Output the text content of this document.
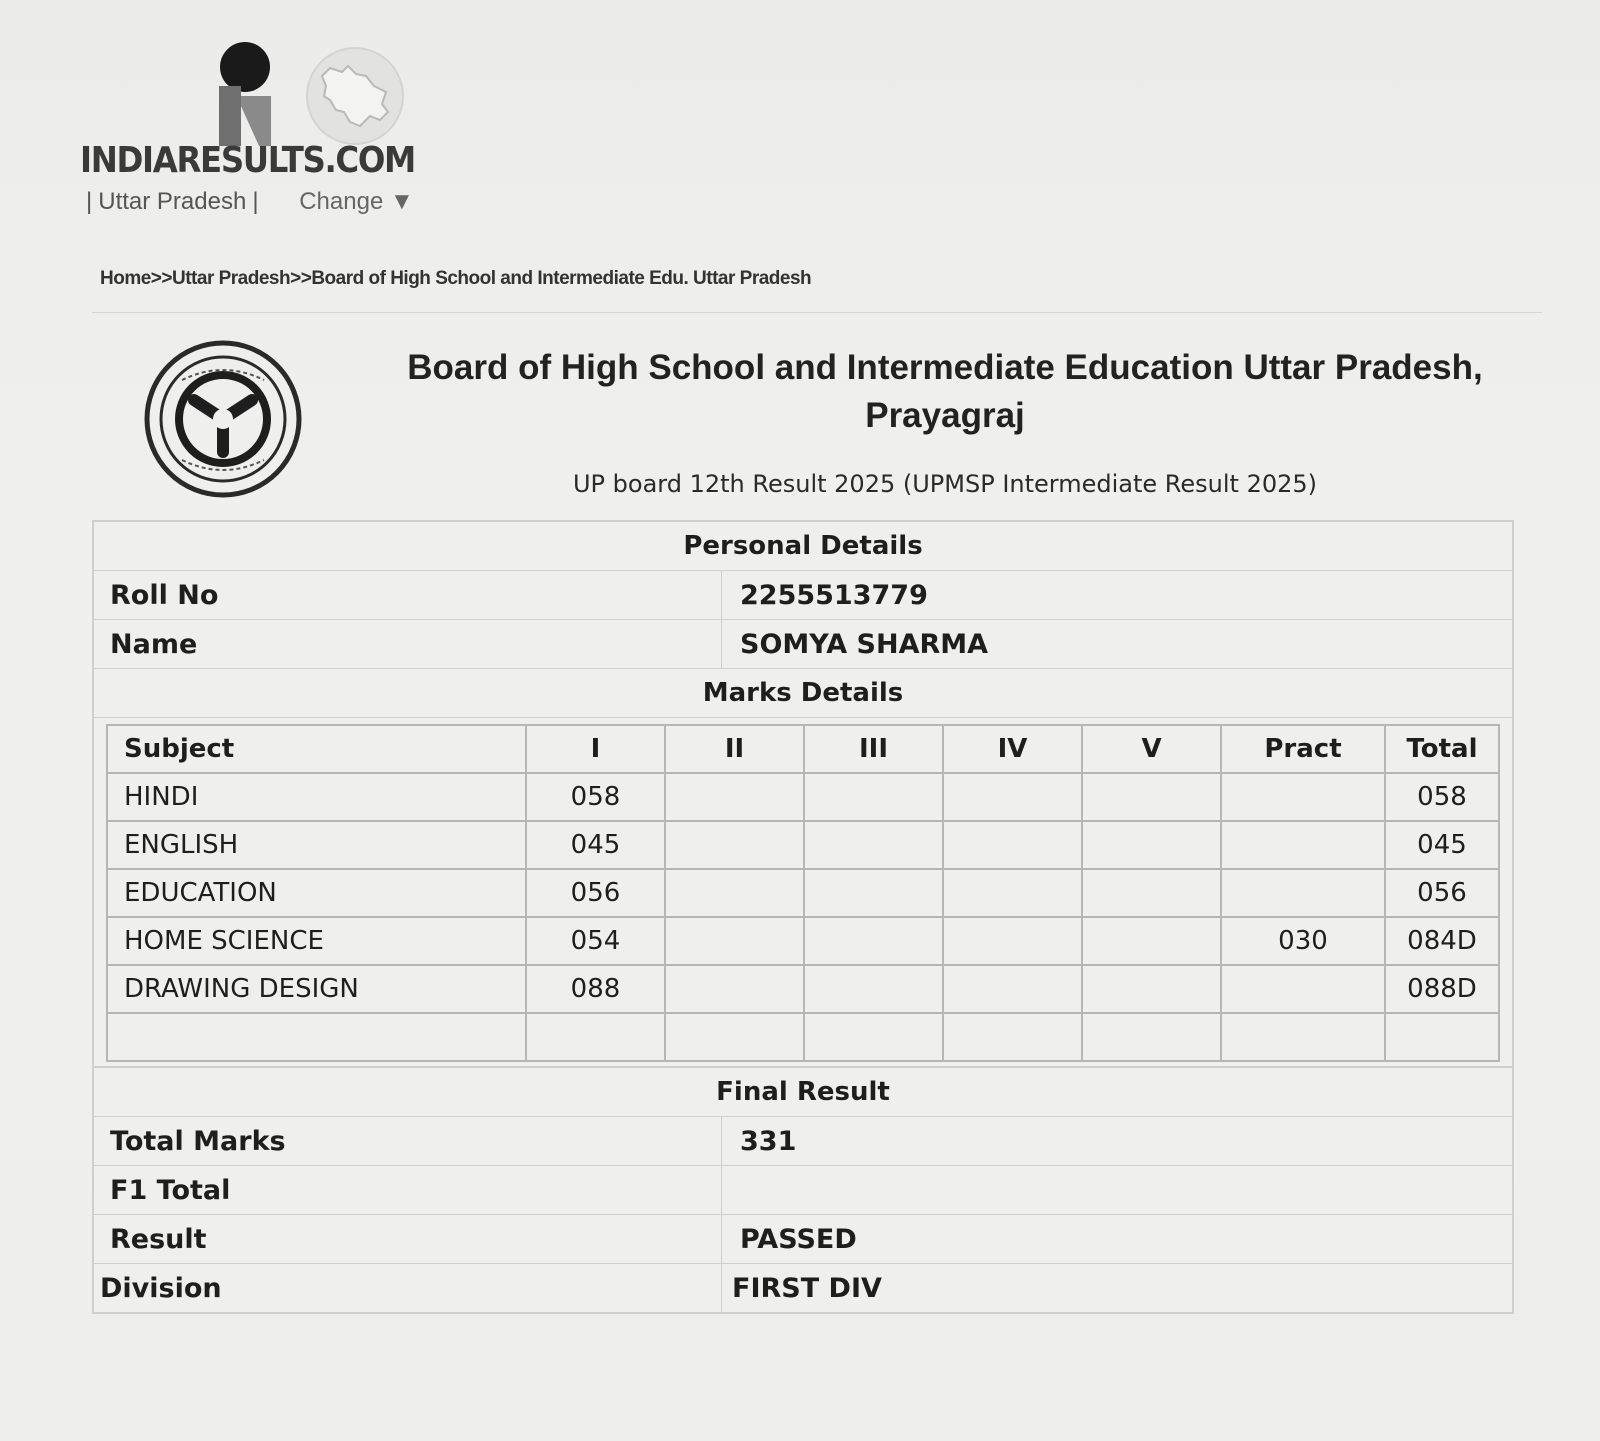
INDIARESULTS.COM
| Uttar Pradesh | Change ▼
Home>>Uttar Pradesh>>Board of High School and Intermediate Edu. Uttar Pradesh
Board of High School and Intermediate Education Uttar Pradesh, Prayagraj
UP board 12th Result 2025 (UPMSP Intermediate Result 2025)
Personal Details	
Roll No	2255513779
Name	SOMYA SHARMA
Marks Details	
Subject	I	II	III	IV	V	Pract	Total
HINDI	058						058
ENGLISH	045						045
EDUCATION	056						056
HOME SCIENCE	054					030	084D
DRAWING DESIGN	088						088D

Final Result	
Total Marks	331
F1 Total	
Result	PASSED
Division	FIRST DIV
